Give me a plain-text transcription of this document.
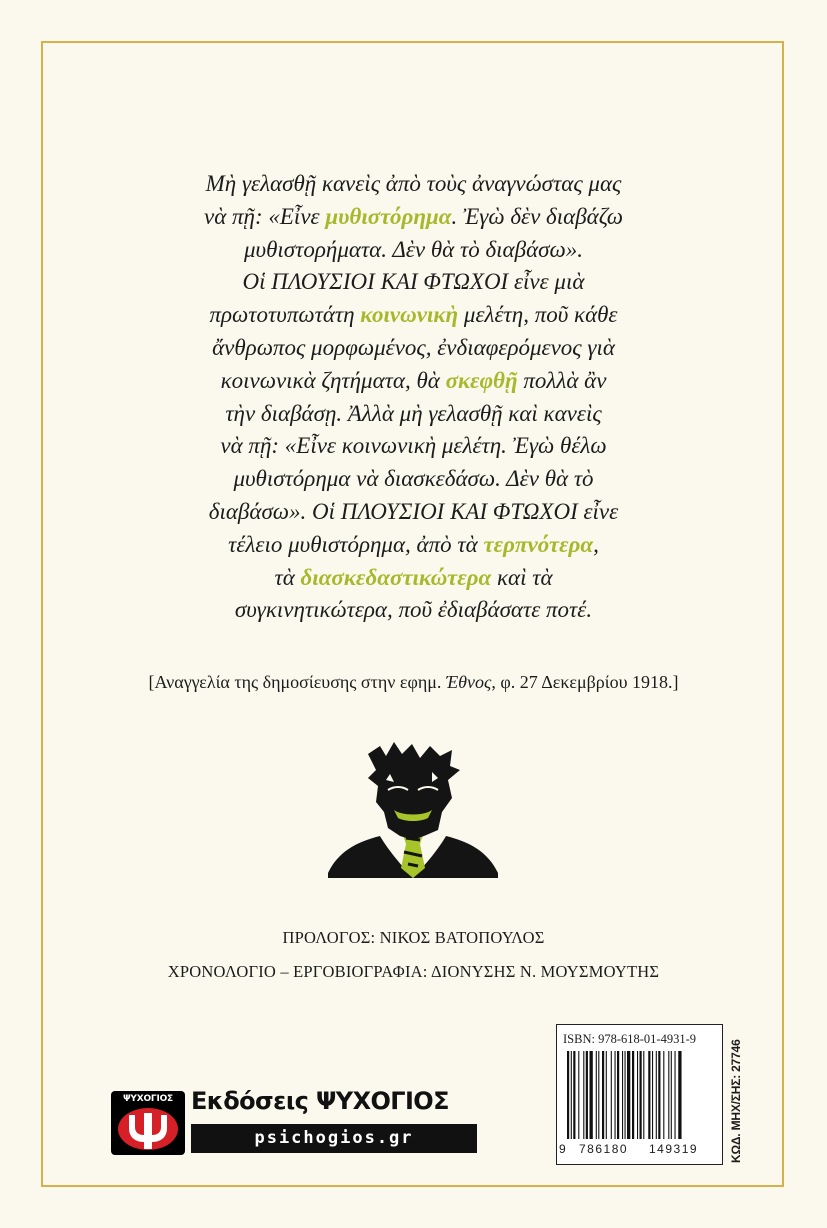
Μὴ γελασθῇ κανεὶς ἀπὸ τοὺς ἀναγνώστας μας
νὰ πῇ: «Εἶνε μυθιστόρημα. Ἐγὼ δὲν διαβάζω
μυθιστορήματα. Δὲν θὰ τὸ διαβάσω».
Οἱ ΠΛΟΥΣΙΟΙ ΚΑΙ ΦΤΩΧΟΙ εἶνε μιὰ
πρωτοτυπωτάτη κοινωνικὴ μελέτη, ποῦ κάθε
ἄνθρωπος μορφωμένος, ἐνδιαφερόμενος γιὰ
κοινωνικὰ ζητήματα, θὰ σκεφθῇ πολλὰ ἂν
τὴν διαβάσῃ. Ἀλλὰ μὴ γελασθῇ καὶ κανεὶς
νὰ πῇ: «Εἶνε κοινωνικὴ μελέτη. Ἐγὼ θέλω
μυθιστόρημα νὰ διασκεδάσω. Δὲν θὰ τὸ
διαβάσω». Οἱ ΠΛΟΥΣΙΟΙ ΚΑΙ ΦΤΩΧΟΙ εἶνε
τέλειο μυθιστόρημα, ἀπὸ τὰ τερπνότερα,
τὰ διασκεδαστικώτερα καὶ τὰ
συγκινητικώτερα, ποῦ ἐδιαβάσατε ποτέ.
[Αναγγελία της δημοσίευσης στην εφημ. Έθνος, φ. 27 Δεκεμβρίου 1918.]
ΠΡΟΛΟΓΟΣ: ΝΙΚΟΣ ΒΑΤΟΠΟΥΛΟΣ
ΧΡΟΝΟΛΟΓΙΟ – ΕΡΓΟΒΙΟΓΡΑΦΙΑ: ΔΙΟΝΥΣΗΣ Ν. ΜΟΥΣΜΟΥΤΗΣ
ΨΥΧΟΓΙΟΣ Εκδόσεις ΨΥΧΟΓΙΟΣ
psichogios.gr
ISBN: 978-618-01-4931-9
9 786180 149319	ΚΩΔ. ΜΗΧ/ΣΗΣ: 27746
